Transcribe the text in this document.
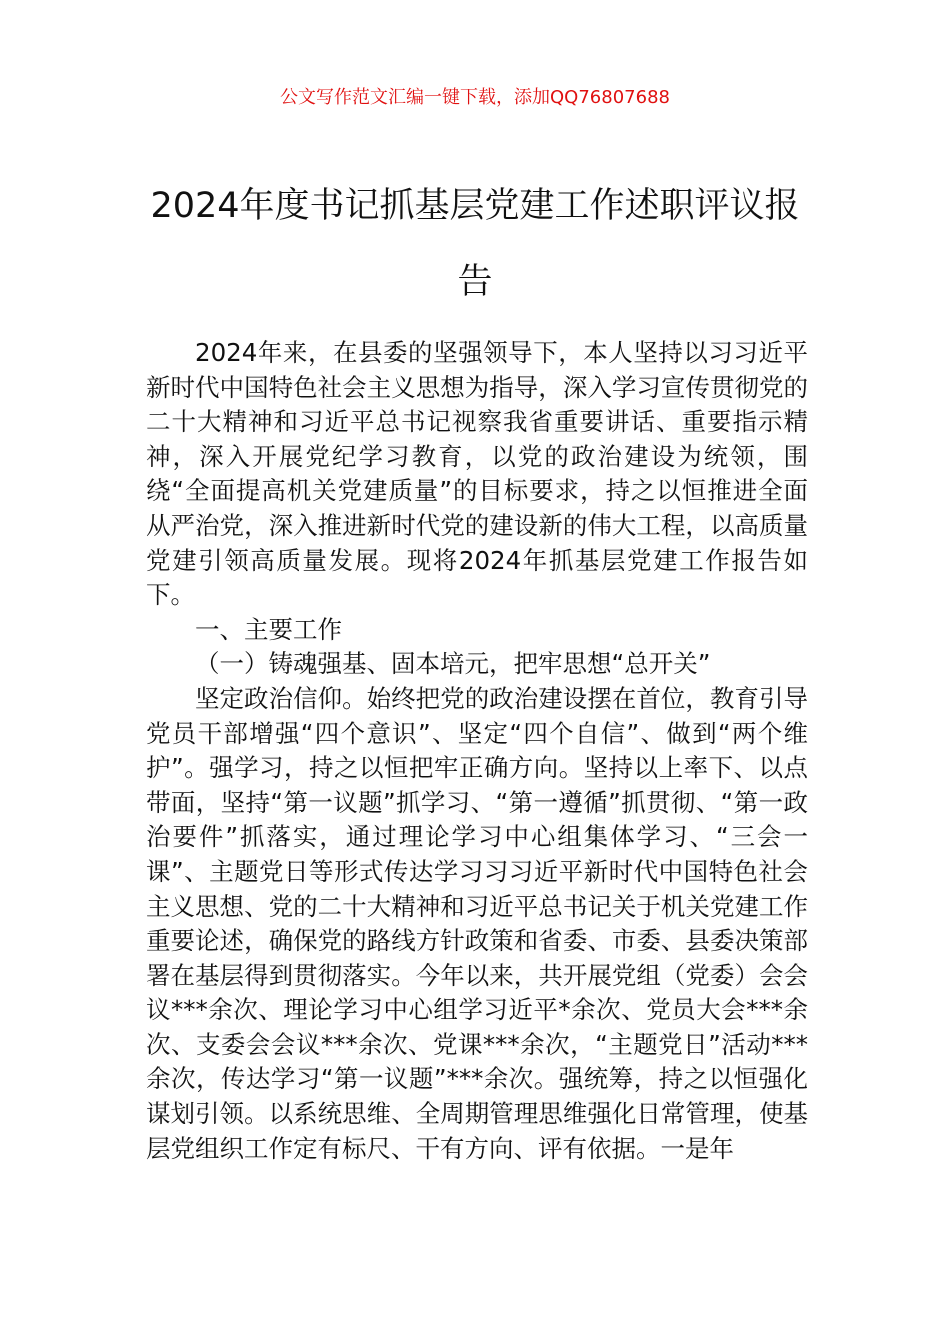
公文写作范文汇编一键下载，添加QQ76807688
2024年度书记抓基层党建工作述职评议报告

2024年来，在县委的坚强领导下，本人坚持以习习近平新时代中国特色社会主义思想为指导，深入学习宣传贯彻党的二十大精神和习近平总书记视察我省重要讲话、重要指示精神，深入开展党纪学习教育，以党的政治建设为统领，围绕“全面提高机关党建质量”的目标要求，持之以恒推进全面从严治党，深入推进新时代党的建设新的伟大工程，以高质量党建引领高质量发展。现将2024年抓基层党建工作报告如下。

一、主要工作

（一）铸魂强基、固本培元，把牢思想“总开关”

坚定政治信仰。始终把党的政治建设摆在首位，教育引导党员干部增强“四个意识”、坚定“四个自信”、做到“两个维护”。强学习，持之以恒把牢正确方向。坚持以上率下、以点带面，坚持“第一议题”抓学习、“第一遵循”抓贯彻、“第一政治要件”抓落实，通过理论学习中心组集体学习、“三会一课”、主题党日等形式传达学习习习近平新时代中国特色社会主义思想、党的二十大精神和习近平总书记关于机关党建工作重要论述，确保党的路线方针政策和省委、市委、县委决策部署在基层得到贯彻落实。今年以来，共开展党组（党委）会会议***余次、理论学习中心组学习近平*余次、党员大会***余次、支委会会议***余次、党课***余次，“主题党日”活动***余次，传达学习“第一议题”***余次。强统筹，持之以恒强化谋划引领。以系统思维、全周期管理思维强化日常管理，使基层党组织工作定有标尺、干有方向、评有依据。一是年
